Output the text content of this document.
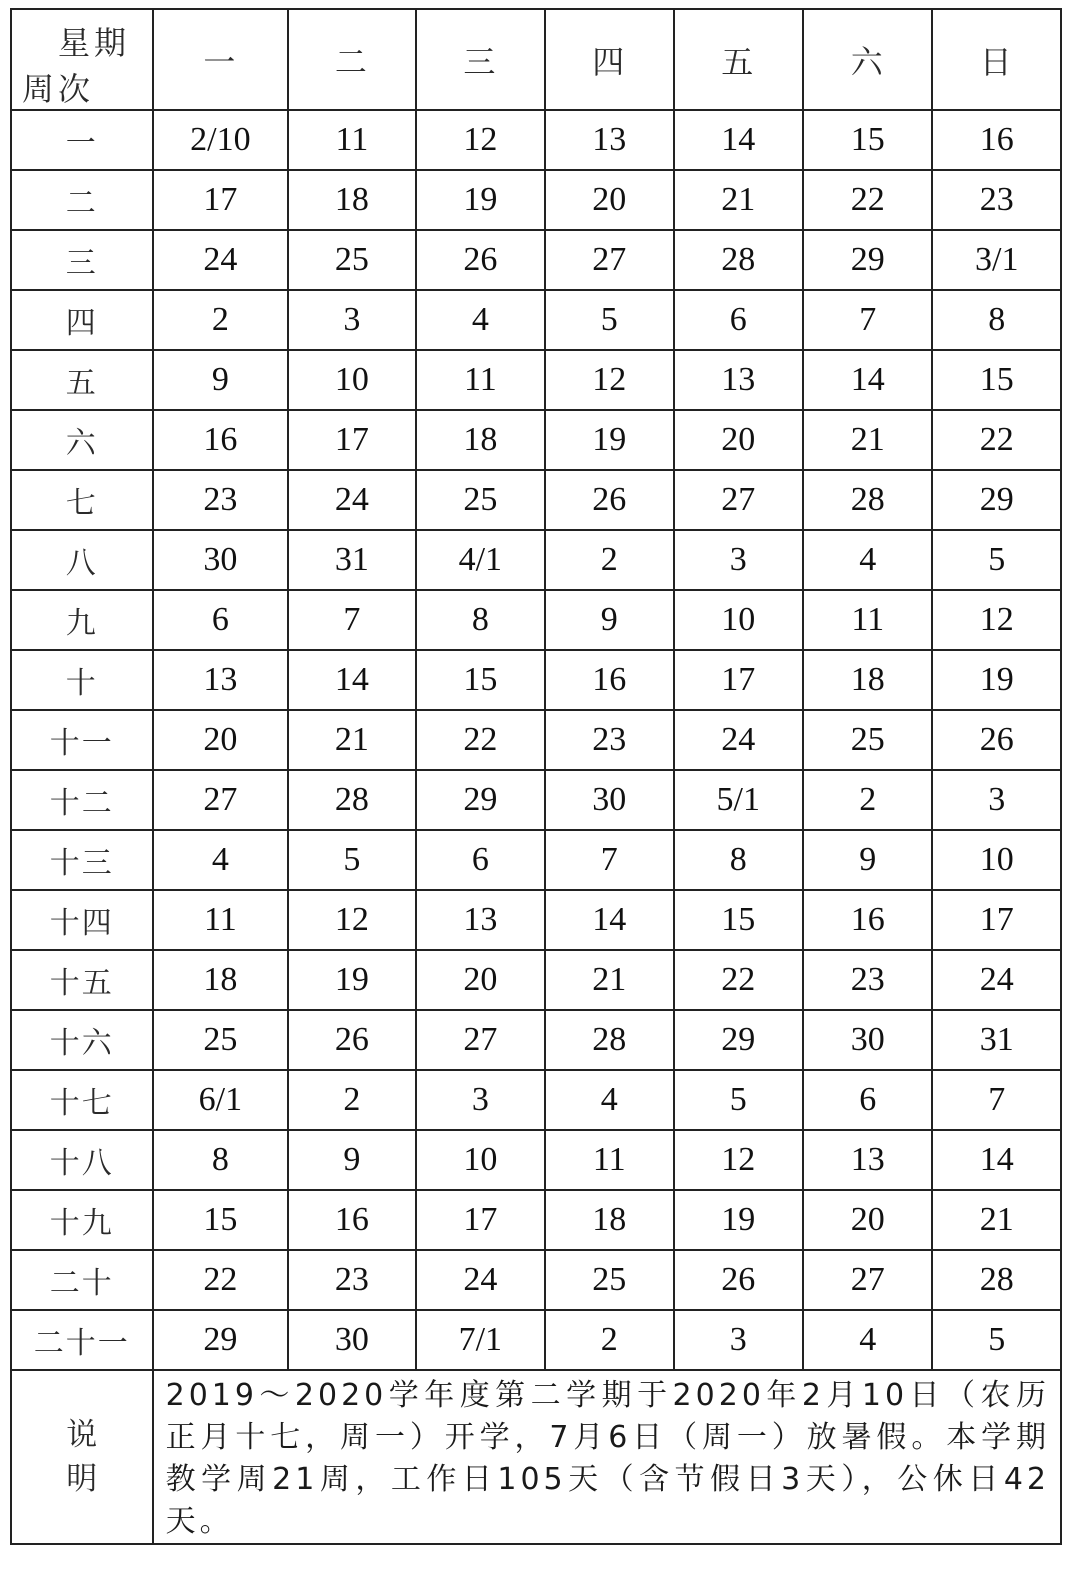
星期
周次	一	二	三	四	五	六	日
一	2/10	11	12	13	14	15	16
二	17	18	19	20	21	22	23
三	24	25	26	27	28	29	3/1
四	2	3	4	5	6	7	8
五	9	10	11	12	13	14	15
六	16	17	18	19	20	21	22
七	23	24	25	26	27	28	29
八	30	31	4/1	2	3	4	5
九	6	7	8	9	10	11	12
十	13	14	15	16	17	18	19
十一	20	21	22	23	24	25	26
十二	27	28	29	30	5/1	2	3
十三	4	5	6	7	8	9	10
十四	11	12	13	14	15	16	17
十五	18	19	20	21	22	23	24
十六	25	26	27	28	29	30	31
十七	6/1	2	3	4	5	6	7
十八	8	9	10	11	12	13	14
十九	15	16	17	18	19	20	21
二十	22	23	24	25	26	27	28
二十一	29	30	7/1	2	3	4	5
说明	2019～2020学年度第二学期于2020年2月10日（农历正月十七，周一）开学，7月6日（周一）放暑假。本学期教学周21周，工作日105天（含节假日3天），公休日42天。						
